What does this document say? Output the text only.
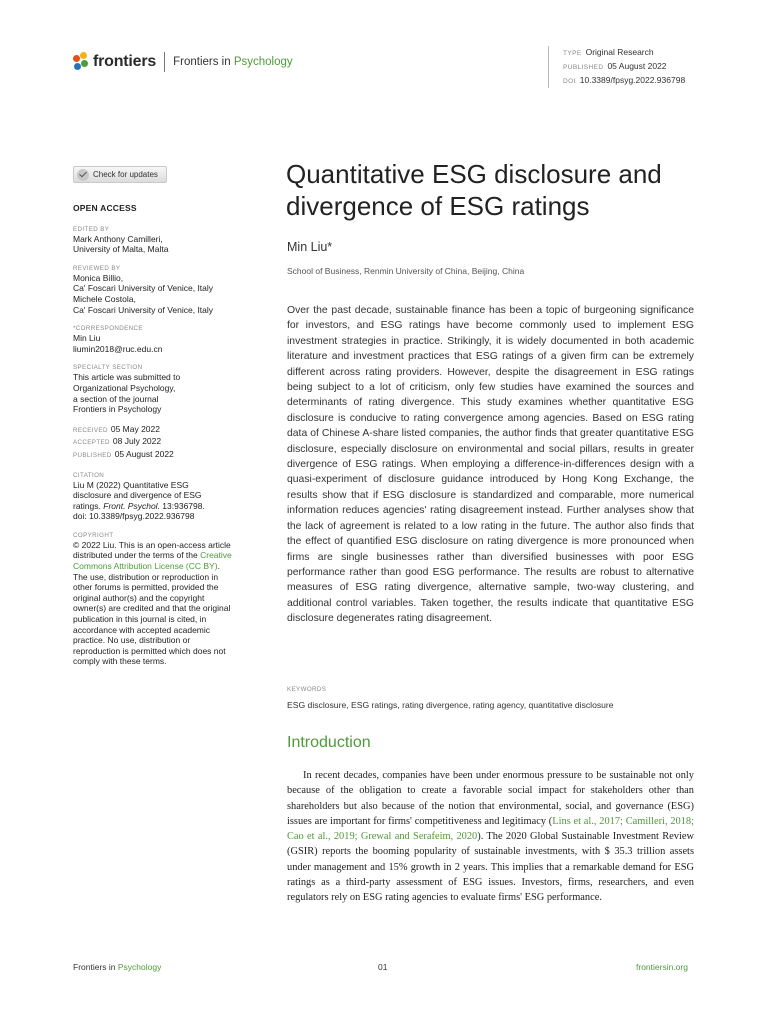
frontiers Frontiers in Psychology
TYPE Original Research
PUBLISHED 05 August 2022
DOI 10.3389/fpsyg.2022.936798
Check for updates
OPEN ACCESS
EDITED BY
Mark Anthony Camilleri,
University of Malta, Malta
REVIEWED BY
Monica Billio,
Ca' Foscari University of Venice, Italy
Michele Costola,
Ca' Foscari University of Venice, Italy
*CORRESPONDENCE
Min Liu
liumin2018@ruc.edu.cn
SPECIALTY SECTION
This article was submitted to
Organizational Psychology,
a section of the journal
Frontiers in Psychology
RECEIVED 05 May 2022
ACCEPTED 08 July 2022
PUBLISHED 05 August 2022
CITATION
Liu M (2022) Quantitative ESG
disclosure and divergence of ESG
ratings. Front. Psychol. 13:936798.
doi: 10.3389/fpsyg.2022.936798
COPYRIGHT
© 2022 Liu. This is an open-access article distributed under the terms of the Creative Commons Attribution License (CC BY). The use, distribution or reproduction in other forums is permitted, provided the original author(s) and the copyright owner(s) are credited and that the original publication in this journal is cited, in accordance with accepted academic practice. No use, distribution or reproduction is permitted which does not comply with these terms.
Quantitative ESG disclosure and divergence of ESG ratings
Min Liu*
School of Business, Renmin University of China, Beijing, China
Over the past decade, sustainable finance has been a topic of burgeoning significance for investors, and ESG ratings have become commonly used to implement ESG investment strategies in practice. Strikingly, it is widely documented in both academic literature and investment practices that ESG ratings of a given firm can be extremely different across rating providers. However, despite the disagreement in ESG ratings being subject to a lot of criticism, only few studies have examined the sources and determinants of rating divergence. This study examines whether quantitative ESG disclosure is conducive to rating convergence among agencies. Based on ESG rating data of Chinese A-share listed companies, the author finds that greater quantitative ESG disclosure, especially disclosure on environmental and social pillars, results in greater divergence of ESG ratings. When employing a difference-in-differences design with a quasi-experiment of disclosure guidance introduced by Hong Kong Exchange, the results show that if ESG disclosure is standardized and comparable, more numerical information reduces agencies' rating disagreement instead. Further analyses show that the lack of agreement is related to a low rating in the future. The author also finds that the effect of quantified ESG disclosure on rating divergence is more pronounced when firms are single businesses rather than diversified businesses with poor ESG performance rather than good ESG performance. The results are robust to alternative measures of ESG rating divergence, alternative sample, two-way clustering, and additional control variables. Taken together, the results indicate that quantitative ESG disclosure degenerates rating disagreement.
KEYWORDS
ESG disclosure, ESG ratings, rating divergence, rating agency, quantitative disclosure
Introduction
In recent decades, companies have been under enormous pressure to be sustainable not only because of the obligation to create a favorable social impact for stakeholders other than shareholders but also because of the notion that environmental, social, and governance (ESG) issues are important for firms' competitiveness and legitimacy (Lins et al., 2017; Camilleri, 2018; Cao et al., 2019; Grewal and Serafeim, 2020). The 2020 Global Sustainable Investment Review (GSIR) reports the booming popularity of sustainable investments, with $ 35.3 trillion assets under management and 15% growth in 2 years. This implies that a remarkable demand for ESG ratings as a third-party assessment of ESG issues. Investors, firms, researchers, and even regulators rely on ESG rating agencies to evaluate firms' ESG performance.
Frontiers in Psychology	01	frontiersin.org
